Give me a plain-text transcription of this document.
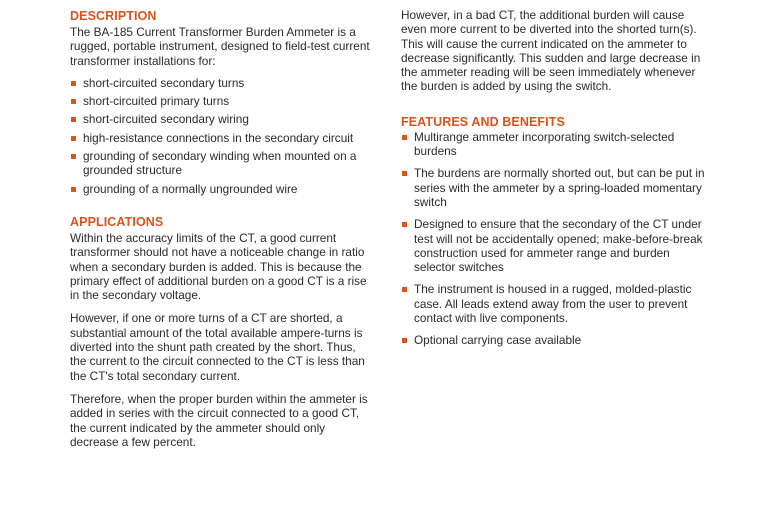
DESCRIPTION

The BA-185 Current Transformer Burden Ammeter is a rugged, portable instrument, designed to field-test current transformer installations for:

short-circuited secondary turns
short-circuited primary turns
short-circuited secondary wiring
high-resistance connections in the secondary circuit
grounding of secondary winding when mounted on a grounded structure
grounding of a normally ungrounded wire
APPLICATIONS

Within the accuracy limits of the CT, a good current transformer should not have a noticeable change in ratio when a secondary burden is added. This is because the primary effect of additional burden on a good CT is a rise in the secondary voltage.

However, if one or more turns of a CT are shorted, a substantial amount of the total available ampere-turns is diverted into the shunt path created by the short. Thus, the current to the circuit connected to the CT is less than the CT's total secondary current.

Therefore, when the proper burden within the ammeter is added in series with the circuit connected to a good CT, the current indicated by the ammeter should only decrease a few percent.

However, in a bad CT, the additional burden will cause even more current to be diverted into the shorted turn(s). This will cause the current indicated on the ammeter to decrease significantly. This sudden and large decrease in the ammeter reading will be seen immediately whenever the burden is added by using the switch.

FEATURES AND BENEFITS
Multirange ammeter incorporating switch-selected burdens
The burdens are normally shorted out, but can be put in series with the ammeter by a spring-loaded momentary switch
Designed to ensure that the secondary of the CT under test will not be accidentally opened; make-before-break construction used for ammeter range and burden selector switches
The instrument is housed in a rugged, molded-plastic case. All leads extend away from the user to prevent contact with live components.
Optional carrying case available
